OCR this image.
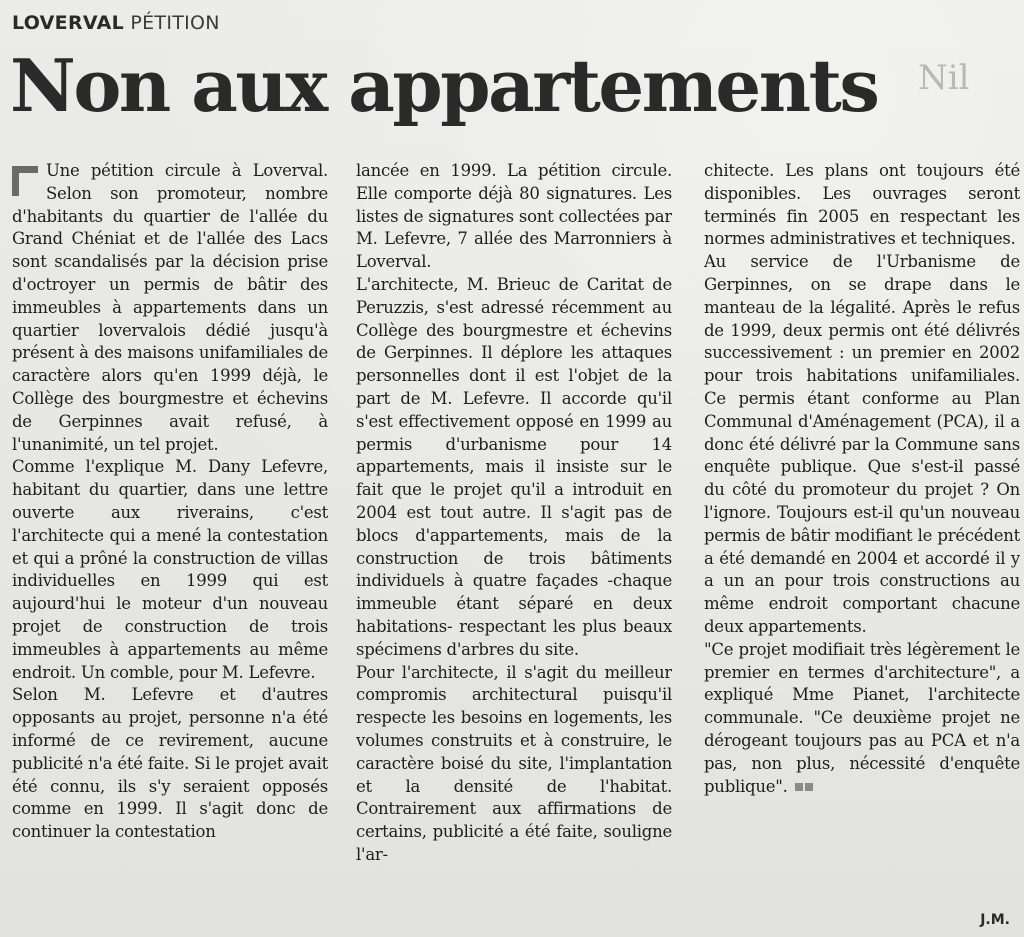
Nil
LOVERVAL PÉTITION
Non aux appartements

Une pétition circule à Loverval. Selon son promoteur, nombre d'habitants du quartier de l'allée du Grand Chéniat et de l'allée des Lacs sont scandalisés par la décision prise d'octroyer un permis de bâtir des immeubles à appartements dans un quartier lovervalois dédié jusqu'à présent à des maisons unifamiliales de caractère alors qu'en 1999 déjà, le Collège des bourgmestre et échevins de Gerpinnes avait refusé, à l'unanimité, un tel projet.

Comme l'explique M. Dany Lefevre, habitant du quartier, dans une lettre ouverte aux riverains, c'est l'architecte qui a mené la contestation et qui a prôné la construction de villas individuelles en 1999 qui est aujourd'hui le moteur d'un nouveau projet de construction de trois immeubles à appartements au même endroit. Un comble, pour M. Lefevre.

Selon M. Lefevre et d'autres opposants au projet, personne n'a été informé de ce revirement, aucune publicité n'a été faite. Si le projet avait été connu, ils s'y seraient opposés comme en 1999. Il s'agit donc de continuer la contestation

lancée en 1999. La pétition circule. Elle comporte déjà 80 signatures. Les listes de signatures sont collectées par M. Lefevre, 7 allée des Marronniers à Loverval.

L'architecte, M. Brieuc de Caritat de Peruzzis, s'est adressé récemment au Collège des bourgmestre et échevins de Gerpinnes. Il déplore les attaques personnelles dont il est l'objet de la part de M. Lefevre. Il accorde qu'il s'est effectivement opposé en 1999 au permis d'urbanisme pour 14 appartements, mais il insiste sur le fait que le projet qu'il a introduit en 2004 est tout autre. Il s'agit pas de blocs d'appartements, mais de la construction de trois bâtiments individuels à quatre façades -chaque immeuble étant séparé en deux habitations- respectant les plus beaux spécimens d'arbres du site.

Pour l'architecte, il s'agit du meilleur compromis architectural puisqu'il respecte les besoins en logements, les volumes construits et à construire, le caractère boisé du site, l'implantation et la densité de l'habitat. Contrairement aux affirmations de certains, publicité a été faite, souligne l'ar-

chitecte. Les plans ont toujours été disponibles. Les ouvrages seront terminés fin 2005 en respectant les normes administratives et techniques.

Au service de l'Urbanisme de Gerpinnes, on se drape dans le manteau de la légalité. Après le refus de 1999, deux permis ont été délivrés successivement : un premier en 2002 pour trois habitations unifamiliales. Ce permis étant conforme au Plan Communal d'Aménagement (PCA), il a donc été délivré par la Commune sans enquête publique. Que s'est-il passé du côté du promoteur du projet ? On l'ignore. Toujours est-il qu'un nouveau permis de bâtir modifiant le précédent a été demandé en 2004 et accordé il y a un an pour trois constructions au même endroit comportant chacune deux appartements.

"Ce projet modifiait très légèrement le premier en termes d'architecture", a expliqué Mme Pianet, l'architecte communale. "Ce deuxième projet ne dérogeant toujours pas au PCA et n'a pas, non plus, nécessité d'enquête publique".

J.M.
